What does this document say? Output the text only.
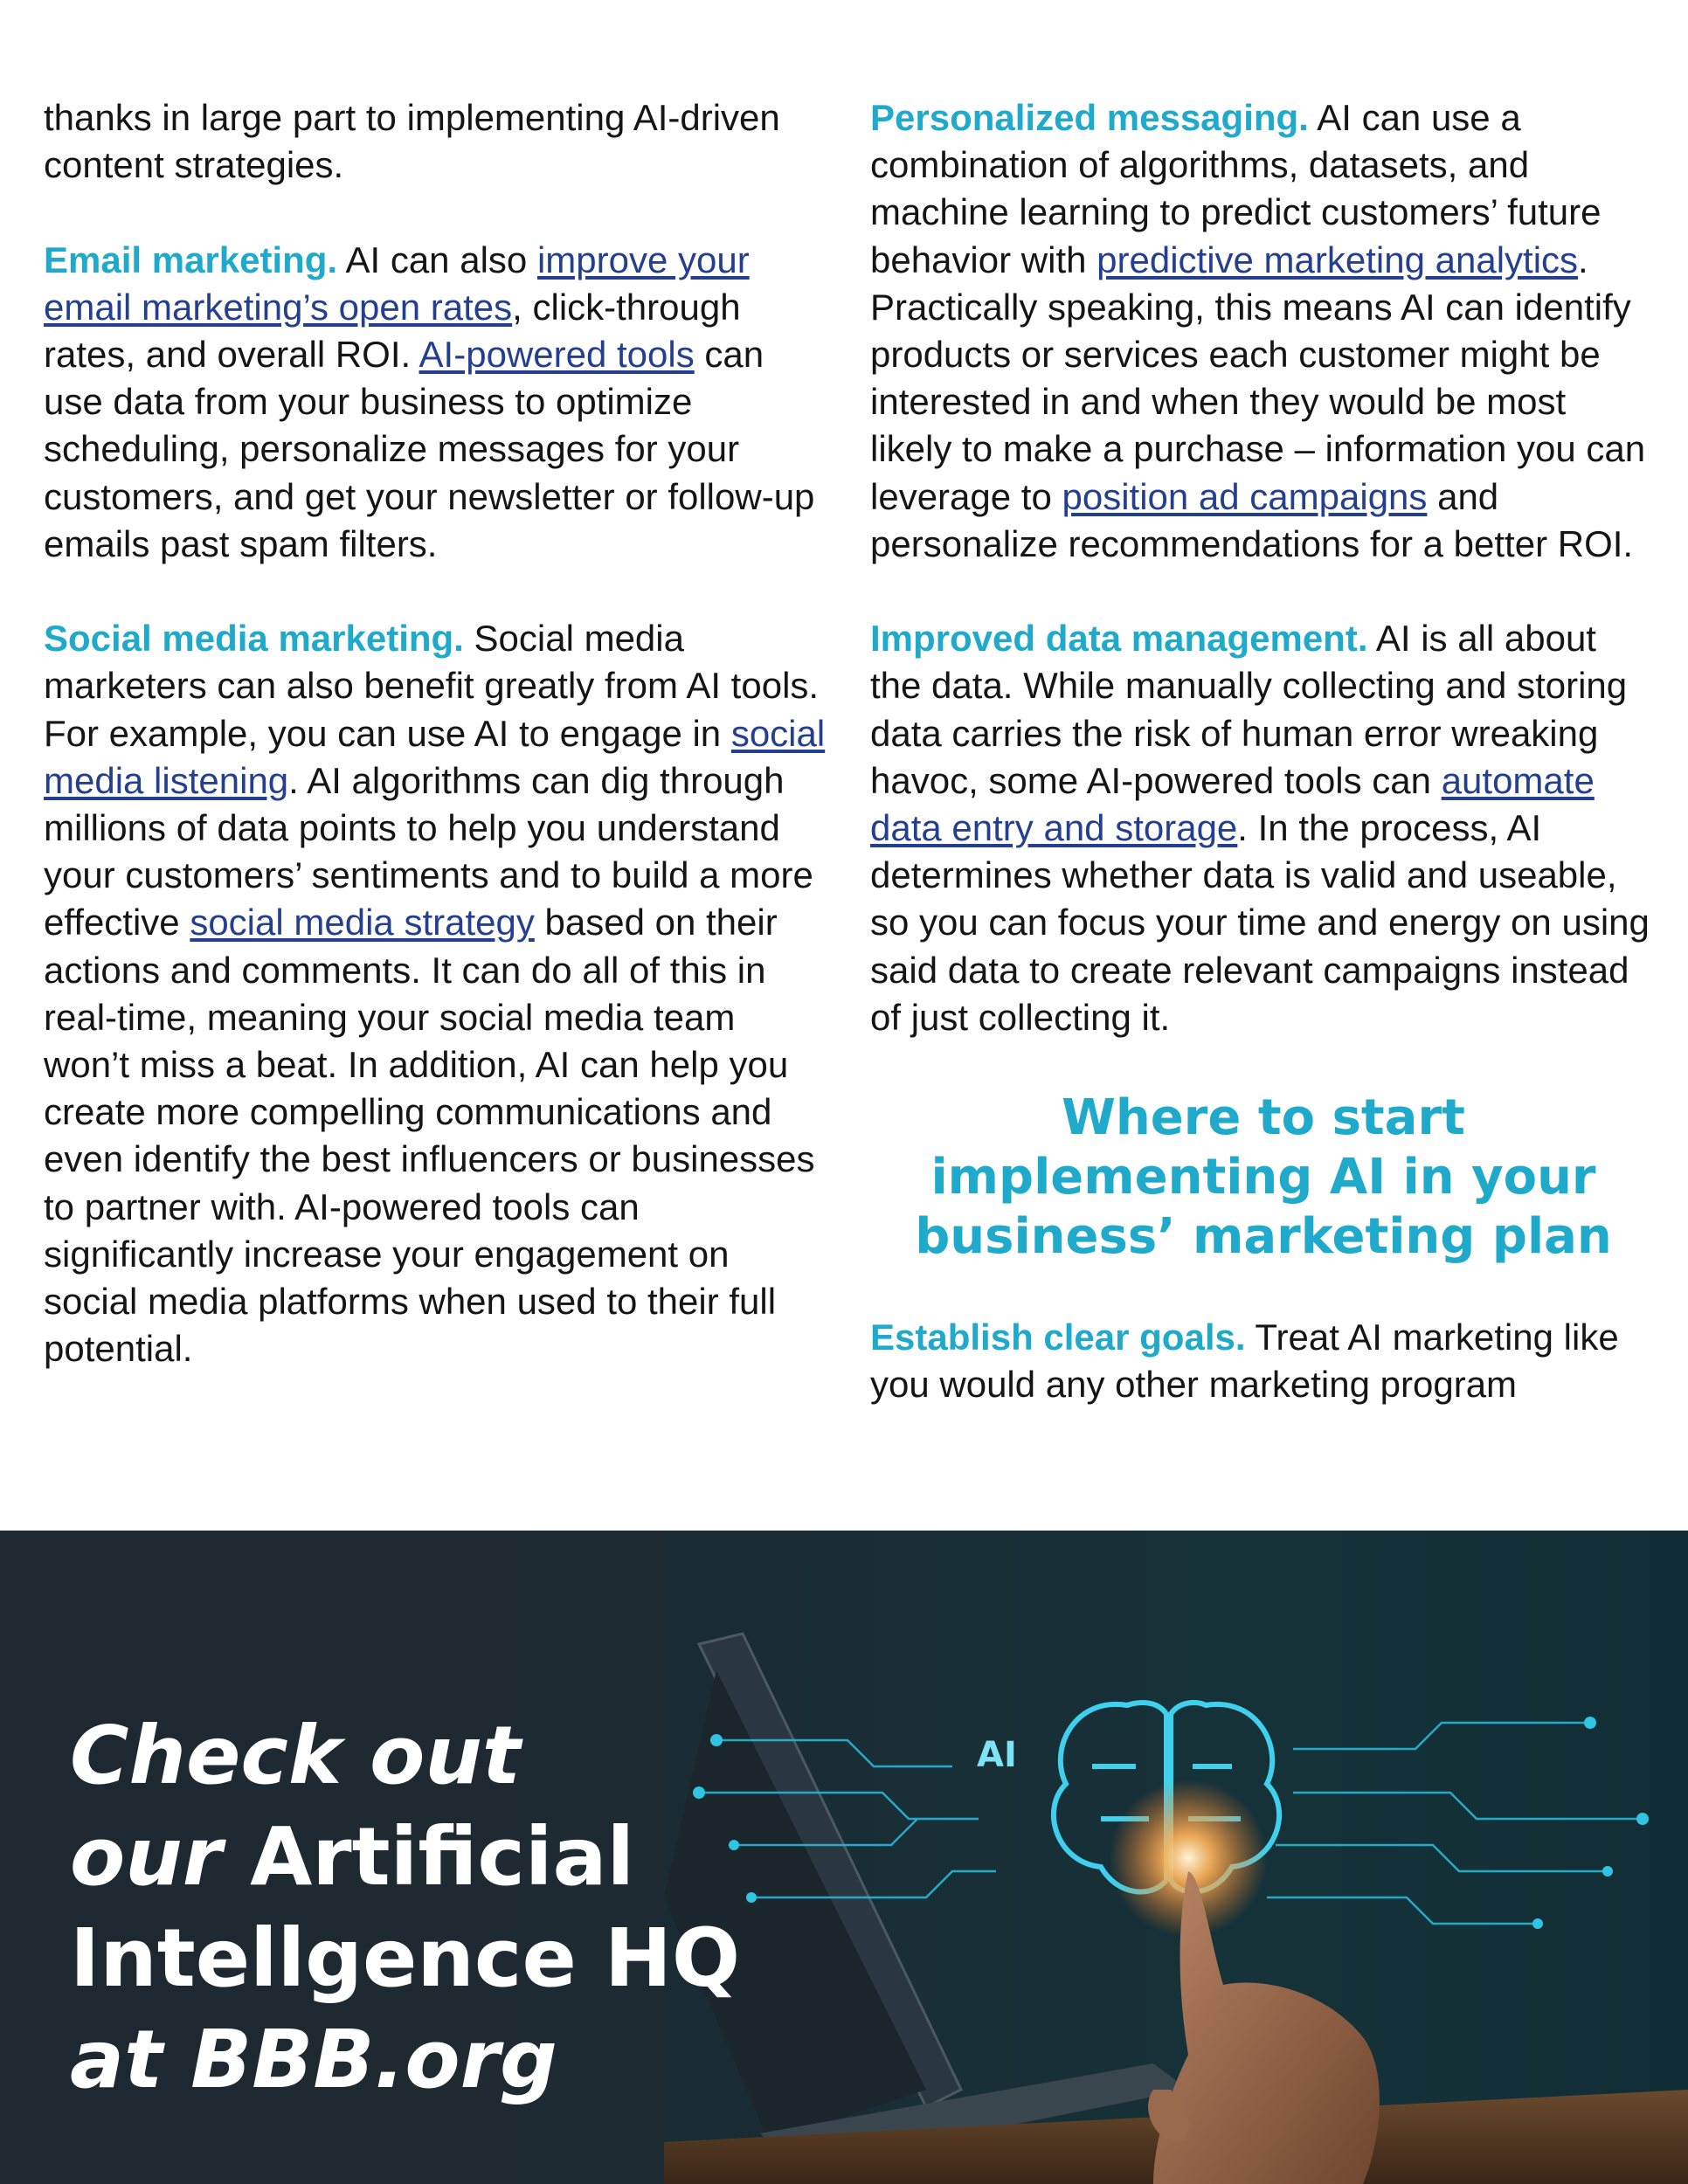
thanks in large part to implementing AI-driven content strategies.

Email marketing. AI can also improve your email marketing’s open rates, click-through rates, and overall ROI. AI-powered tools can use data from your business to optimize scheduling, personalize messages for your customers, and get your newsletter or follow-up emails past spam filters.

Social media marketing. Social media marketers can also benefit greatly from AI tools. For example, you can use AI to engage in social media listening. AI algorithms can dig through millions of data points to help you understand your customers’ sentiments and to build a more effective social media strategy based on their actions and comments. It can do all of this in real-time, meaning your social media team won’t miss a beat. In addition, AI can help you create more compelling communications and even identify the best influencers or businesses to partner with. AI-powered tools can significantly increase your engagement on social media platforms when used to their full potential.

Personalized messaging. AI can use a combination of algorithms, datasets, and machine learning to predict customers’ future behavior with predictive marketing analytics. Practically speaking, this means AI can identify products or services each customer might be interested in and when they would be most likely to make a purchase – information you can leverage to position ad campaigns and personalize recommendations for a better ROI.

Improved data management. AI is all about the data. While manually collecting and storing data carries the risk of human error wreaking havoc, some AI-powered tools can automate data entry and storage. In the process, AI determines whether data is valid and useable, so you can focus your time and energy on using said data to create relevant campaigns instead of just collecting it.

Where to start
implementing AI in your
business’ marketing plan

Establish clear goals. Treat AI marketing like you would any other marketing program

AI
Check out
our Artificial
Intellgence HQ
at BBB.org
